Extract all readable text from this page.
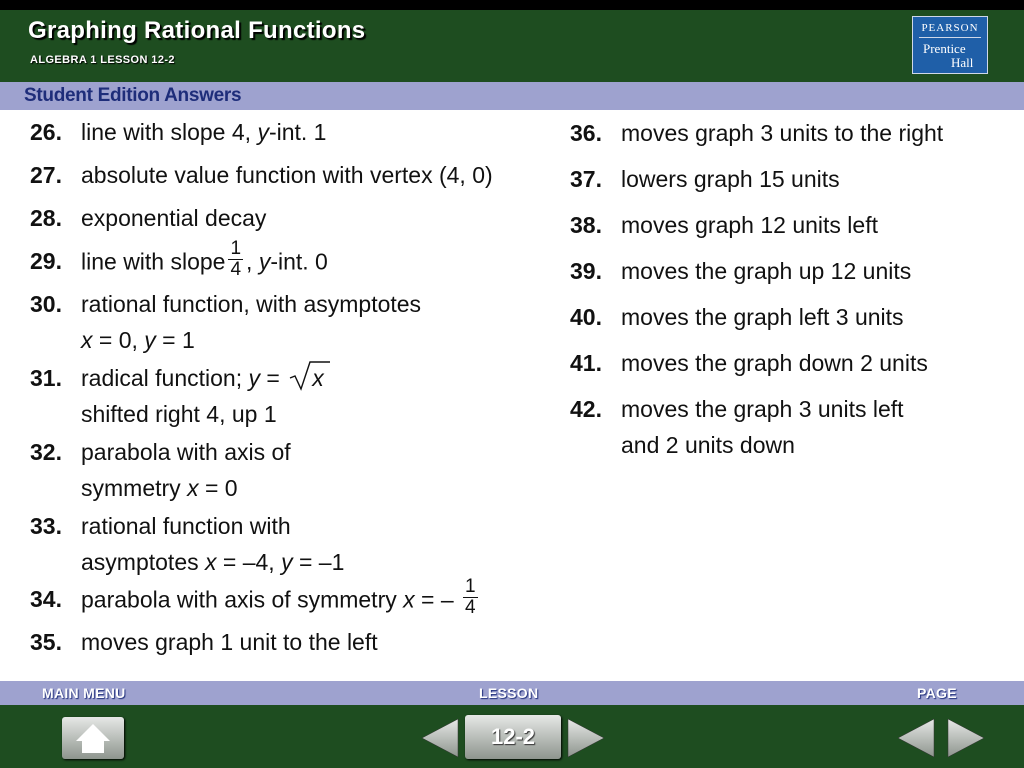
Graphing Rational Functions
ALGEBRA 1 LESSON 12-2
PEARSON
Prentice
Hall
Student Edition Answers
26. line with slope 4, y-int. 1
27. absolute value function with vertex (4, 0)
28. exponential decay
29. line with slope $\frac{1}{4}$ , y-int. 0
30. rational function, with asymptotes
x = 0, y = 1
31. radical function; y =
x
shifted right 4, up 1
32. parabola with axis of
symmetry x = 0
33. rational function with
asymptotes x = –4, y = –1
34. parabola with axis of symmetry x = – $\frac{1}{4}$
35. moves graph 1 unit to the left
36. moves graph 3 units to the right
37. lowers graph 15 units
38. moves graph 12 units left
39. moves the graph up 12 units
40. moves the graph left 3 units
41. moves the graph down 2 units
42. moves the graph 3 units left
and 2 units down
MAIN MENU	LESSON	PAGE
12-2
